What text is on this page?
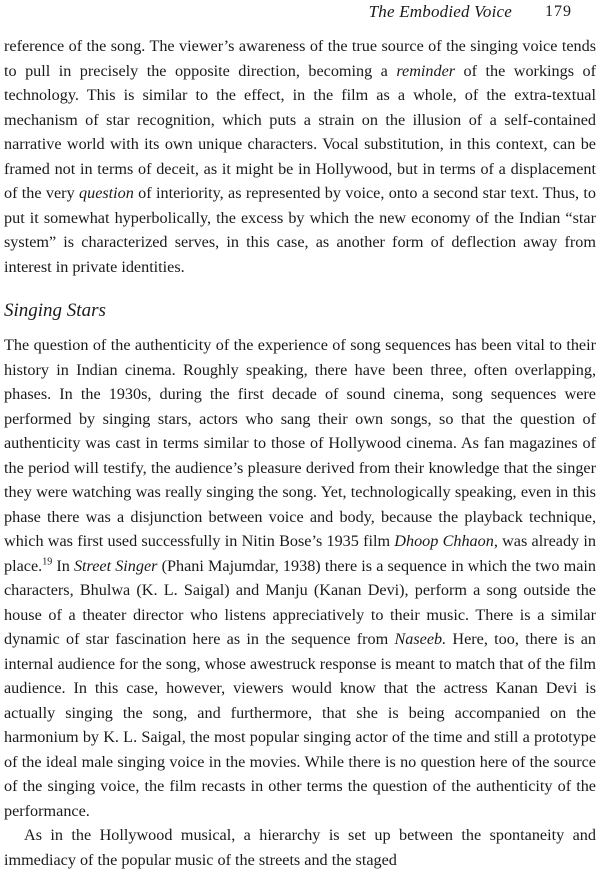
The Embodied Voice 179

reference of the song. The viewer’s awareness of the true source of the singing voice tends to pull in precisely the opposite direction, becoming a reminder of the workings of technology. This is similar to the effect, in the film as a whole, of the extra-textual mechanism of star recognition, which puts a strain on the illusion of a self-contained narrative world with its own unique characters. Vocal substitution, in this context, can be framed not in terms of deceit, as it might be in Hollywood, but in terms of a displacement of the very question of interiority, as represented by voice, onto a second star text. Thus, to put it somewhat hyperbolically, the excess by which the new economy of the Indian “star system” is characterized serves, in this case, as another form of deflection away from interest in private identities.

Singing Stars

The question of the authenticity of the experience of song sequences has been vital to their history in Indian cinema. Roughly speaking, there have been three, often overlapping, phases. In the 1930s, during the first decade of sound cinema, song sequences were performed by singing stars, actors who sang their own songs, so that the question of authenticity was cast in terms similar to those of Hollywood cinema. As fan magazines of the period will testify, the audience’s pleasure derived from their knowledge that the singer they were watching was really singing the song. Yet, technologically speaking, even in this phase there was a disjunction between voice and body, because the playback technique, which was first used successfully in Nitin Bose’s 1935 film Dhoop Chhaon, was already in place.$^{19}$ In Street Singer (Phani Majumdar, 1938) there is a sequence in which the two main characters, Bhulwa (K. L. Saigal) and Manju (Kanan Devi), perform a song outside the house of a theater director who listens appreciatively to their music. There is a similar dynamic of star fascination here as in the sequence from Naseeb. Here, too, there is an internal audience for the song, whose awestruck response is meant to match that of the film audience. In this case, however, viewers would know that the actress Kanan Devi is actually singing the song, and furthermore, that she is being accompanied on the harmonium by K. L. Saigal, the most popular singing actor of the time and still a prototype of the ideal male singing voice in the movies. While there is no question here of the source of the singing voice, the film recasts in other terms the question of the authenticity of the performance.

As in the Hollywood musical, a hierarchy is set up between the spontaneity and immediacy of the popular music of the streets and the staged
